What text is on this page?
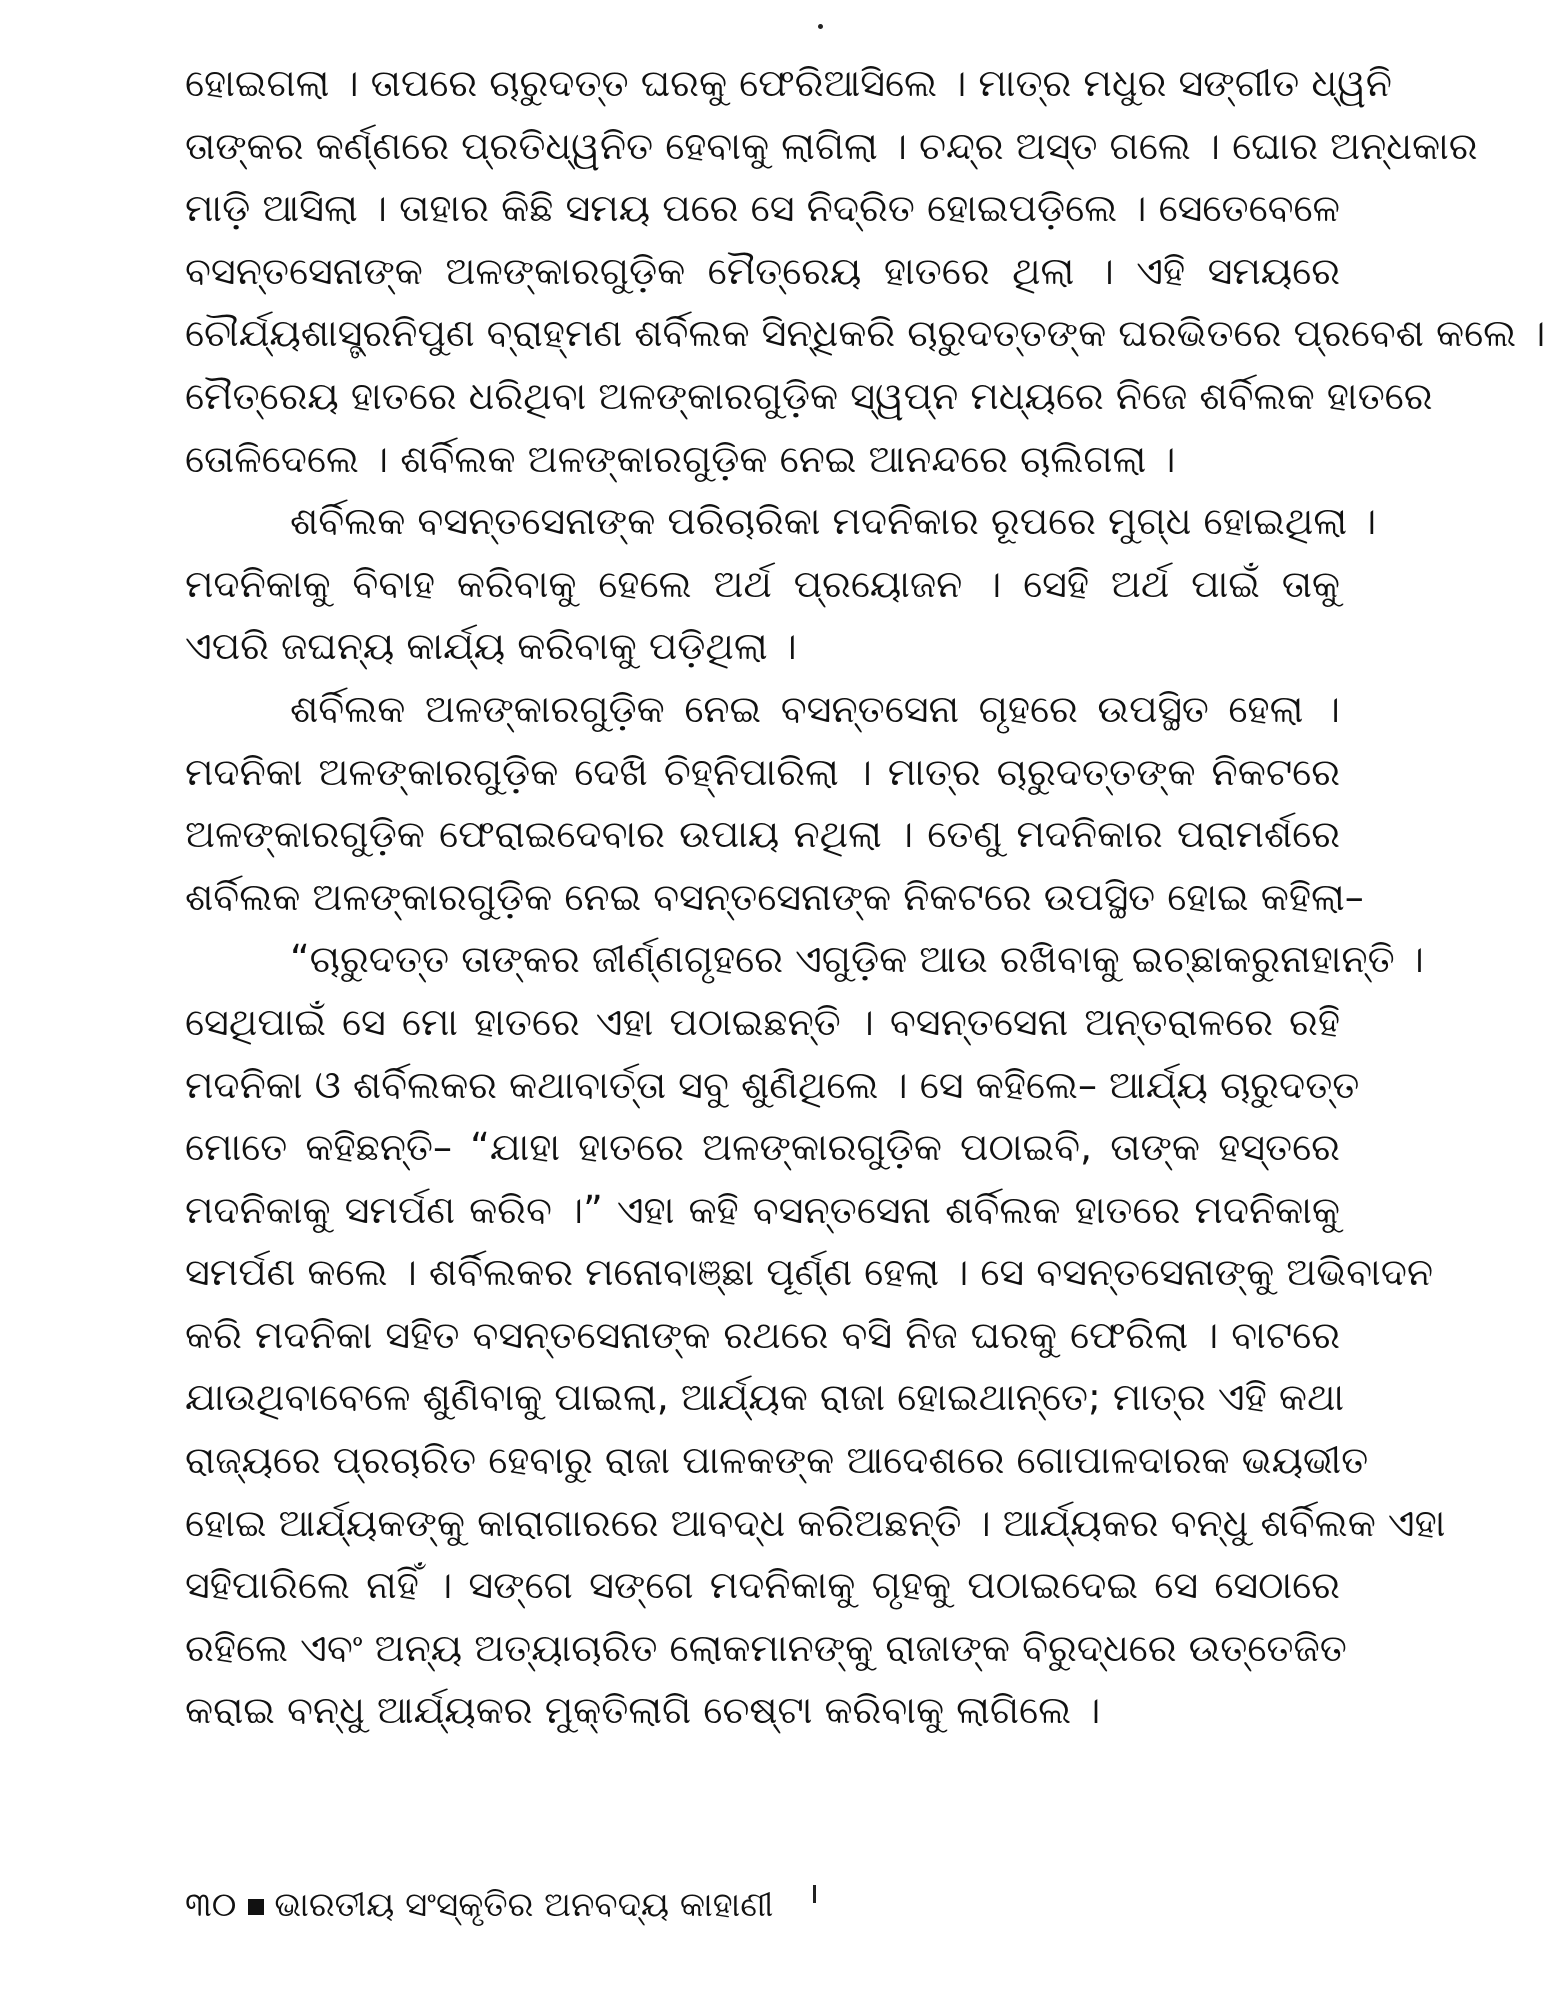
ହୋଇଗଲା । ତାପରେ ଚାରୁଦତ୍ତ ଘରକୁ ଫେରିଆସିଲେ । ମାତ୍ର ମଧୁର ସଙ୍ଗୀତ ଧ୍ୱନି
ତାଙ୍କର କର୍ଣ୍ଣରେ ପ୍ରତିଧ୍ୱନିତ ହେବାକୁ ଲାଗିଲା । ଚନ୍ଦ୍ର ଅସ୍ତ ଗଲେ । ଘୋର ଅନ୍ଧକାର
ମାଡ଼ି ଆସିଲା । ତାହାର କିଛି ସମୟ ପରେ ସେ ନିଦ୍ରିତ ହୋଇପଡ଼ିଲେ । ସେତେବେଳେ
ବସନ୍ତସେନାଙ୍କ ଅଳଙ୍କାରଗୁଡ଼ିକ ମୈତ୍ରେୟ ହାତରେ ଥିଲା । ଏହି ସମୟରେ
ଚୌର୍ଯ୍ୟଶାସ୍ତ୍ରନିପୁଣ ବ୍ରାହ୍ମଣ ଶର୍ବିଲକ ସିନ୍ଧିକରି ଚାରୁଦତ୍ତଙ୍କ ଘରଭିତରେ ପ୍ରବେଶ କଲେ ।
ମୈତ୍ରେୟ ହାତରେ ଧରିଥିବା ଅଳଙ୍କାରଗୁଡ଼ିକ ସ୍ୱପ୍ନ ମଧ୍ୟରେ ନିଜେ ଶର୍ବିଲକ ହାତରେ
ତୋଳିଦେଲେ । ଶର୍ବିଲକ ଅଳଙ୍କାରଗୁଡ଼ିକ ନେଇ ଆନନ୍ଦରେ ଚାଲିଗଲା ।
ଶର୍ବିଲକ ବସନ୍ତସେନାଙ୍କ ପରିଚାରିକା ମଦନିକାର ରୂପରେ ମୁଗ୍ଧ ହୋଇଥିଲା ।
ମଦନିକାକୁ ବିବାହ କରିବାକୁ ହେଲେ ଅର୍ଥ ପ୍ରୟୋଜନ । ସେହି ଅର୍ଥ ପାଇଁ ତାକୁ
ଏପରି ଜଘନ୍ୟ କାର୍ଯ୍ୟ କରିବାକୁ ପଡ଼ିଥିଲା ।
ଶର୍ବିଲକ ଅଳଙ୍କାରଗୁଡ଼ିକ ନେଇ ବସନ୍ତସେନା ଗୃହରେ ଉପସ୍ଥିତ ହେଲା ।
ମଦନିକା ଅଳଙ୍କାରଗୁଡ଼ିକ ଦେଖି ଚିହ୍ନିପାରିଲା । ମାତ୍ର ଚାରୁଦତ୍ତଙ୍କ ନିକଟରେ
ଅଳଙ୍କାରଗୁଡ଼ିକ ଫେରାଇଦେବାର ଉପାୟ ନଥିଲା । ତେଣୁ ମଦନିକାର ପରାମର୍ଶରେ
ଶର୍ବିଲକ ଅଳଙ୍କାରଗୁଡ଼ିକ ନେଇ ବସନ୍ତସେନାଙ୍କ ନିକଟରେ ଉପସ୍ଥିତ ହୋଇ କହିଲା–
“ଚାରୁଦତ୍ତ ତାଙ୍କର ଜୀର୍ଣ୍ଣଗୃହରେ ଏଗୁଡ଼ିକ ଆଉ ରଖିବାକୁ ଇଚ୍ଛାକରୁନାହାନ୍ତି ।
ସେଥିପାଇଁ ସେ ମୋ ହାତରେ ଏହା ପଠାଇଛନ୍ତି । ବସନ୍ତସେନା ଅନ୍ତରାଳରେ ରହି
ମଦନିକା ଓ ଶର୍ବିଲକର କଥାବାର୍ତ୍ତା ସବୁ ଶୁଣିଥିଲେ । ସେ କହିଲେ– ଆର୍ଯ୍ୟ ଚାରୁଦତ୍ତ
ମୋତେ କହିଛନ୍ତି– “ଯାହା ହାତରେ ଅଳଙ୍କାରଗୁଡ଼ିକ ପଠାଇବି, ତାଙ୍କ ହସ୍ତରେ
ମଦନିକାକୁ ସମର୍ପଣ କରିବ ।” ଏହା କହି ବସନ୍ତସେନା ଶର୍ବିଲକ ହାତରେ ମଦନିକାକୁ
ସମର୍ପଣ କଲେ । ଶର୍ବିଲକର ମନୋବାଞ୍ଛା ପୂର୍ଣ୍ଣ ହେଲା । ସେ ବସନ୍ତସେନାଙ୍କୁ ଅଭିବାଦନ
କରି ମଦନିକା ସହିତ ବସନ୍ତସେନାଙ୍କ ରଥରେ ବସି ନିଜ ଘରକୁ ଫେରିଲା । ବାଟରେ
ଯାଉଥିବାବେଳେ ଶୁଣିବାକୁ ପାଇଲା, ଆର୍ଯ୍ୟକ ରାଜା ହୋଇଥାନ୍ତେ; ମାତ୍ର ଏହି କଥା
ରାଜ୍ୟରେ ପ୍ରଚାରିତ ହେବାରୁ ରାଜା ପାଳକଙ୍କ ଆଦେଶରେ ଗୋପାଳଦାରକ ଭୟଭୀତ
ହୋଇ ଆର୍ଯ୍ୟକଙ୍କୁ କାରାଗାରରେ ଆବଦ୍ଧ କରିଅଛନ୍ତି । ଆର୍ଯ୍ୟକର ବନ୍ଧୁ ଶର୍ବିଲକ ଏହା
ସହିପାରିଲେ ନାହିଁ । ସଙ୍ଗେ ସଙ୍ଗେ ମଦନିକାକୁ ଗୃହକୁ ପଠାଇଦେଇ ସେ ସେଠାରେ
ରହିଲେ ଏବଂ ଅନ୍ୟ ଅତ୍ୟାଚାରିତ ଲୋକମାନଙ୍କୁ ରାଜାଙ୍କ ବିରୁଦ୍ଧରେ ଉତ୍ତେଜିତ
କରାଇ ବନ୍ଧୁ ଆର୍ଯ୍ୟକର ମୁକ୍ତିଲାଗି ଚେଷ୍ଟା କରିବାକୁ ଲାଗିଲେ ।
୩୦ ଭାରତୀୟ ସଂସ୍କୃତିର ଅନବଦ୍ୟ କାହାଣୀ
